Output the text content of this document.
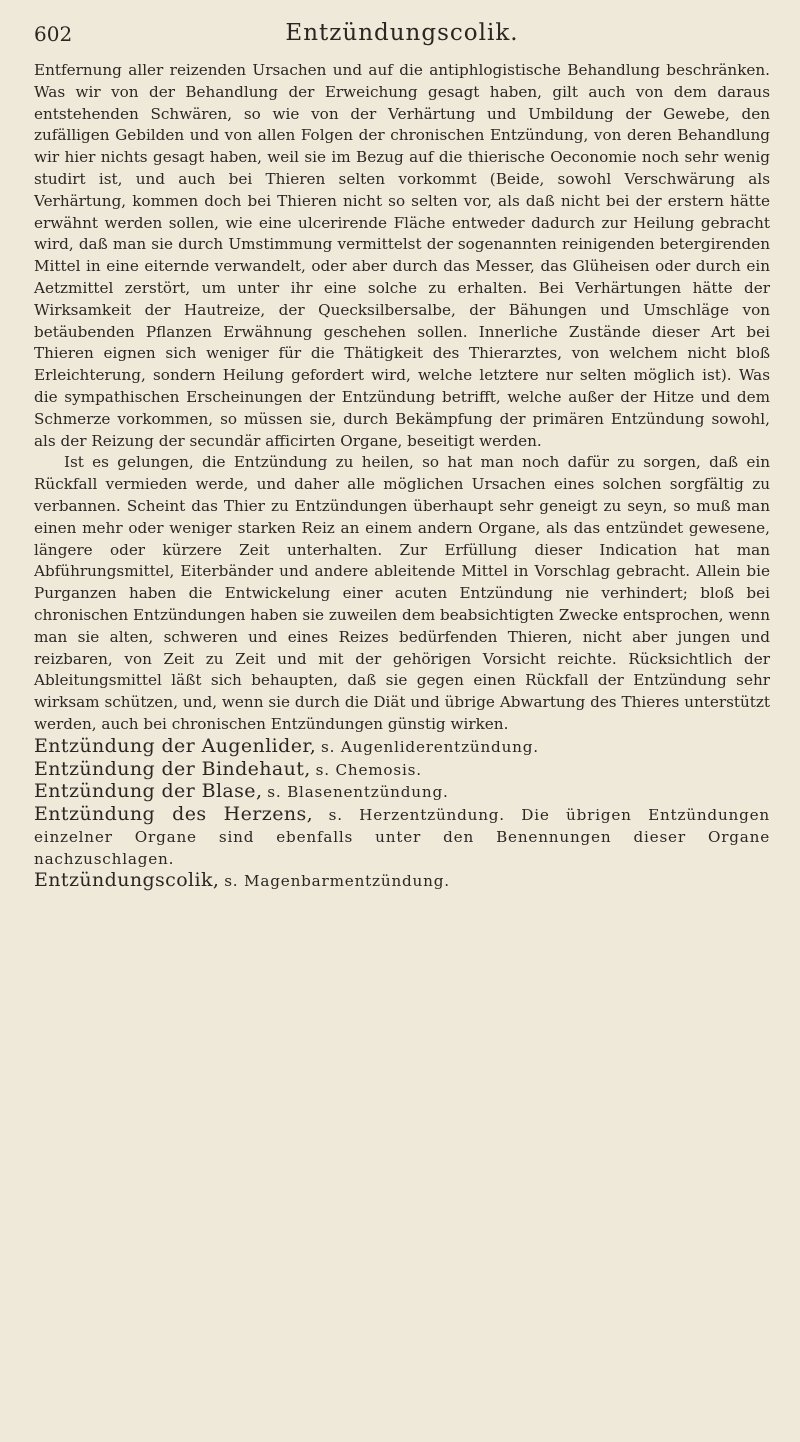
602	Entzündungscolik.

Entfernung aller reizenden Ursachen und auf die antiphlogistische Behandlung beschränken. Was wir von der Behandlung der Erweichung gesagt haben, gilt auch von dem daraus entstehenden Schwären, so wie von der Verhärtung und Umbildung der Gewebe, den zufälligen Gebilden und von allen Folgen der chronischen Entzündung, von deren Behandlung wir hier nichts gesagt haben, weil sie im Bezug auf die thierische Oeconomie noch sehr wenig studirt ist, und auch bei Thieren selten vorkommt (Beide, sowohl Verschwärung als Verhärtung, kommen doch bei Thieren nicht so selten vor, als daß nicht bei der erstern hätte erwähnt werden sollen, wie eine ulcerirende Fläche entweder dadurch zur Heilung gebracht wird, daß man sie durch Umstimmung vermittelst der sogenannten reinigenden betergirenden Mittel in eine eiternde verwandelt, oder aber durch das Messer, das Glüheisen oder durch ein Aetzmittel zerstört, um unter ihr eine solche zu erhalten. Bei Verhärtungen hätte der Wirksamkeit der Hautreize, der Quecksilbersalbe, der Bähungen und Umschläge von betäubenden Pflanzen Erwähnung geschehen sollen. Innerliche Zustände dieser Art bei Thieren eignen sich weniger für die Thätigkeit des Thierarztes, von welchem nicht bloß Erleichterung, sondern Heilung gefordert wird, welche letztere nur selten möglich ist). Was die sympathischen Erscheinungen der Entzündung betrifft, welche außer der Hitze und dem Schmerze vorkommen, so müssen sie, durch Bekämpfung der primären Entzündung sowohl, als der Reizung der secundär afficirten Organe, beseitigt werden.

Ist es gelungen, die Entzündung zu heilen, so hat man noch dafür zu sorgen, daß ein Rückfall vermieden werde, und daher alle möglichen Ursachen eines solchen sorgfältig zu verbannen. Scheint das Thier zu Entzündungen überhaupt sehr geneigt zu seyn, so muß man einen mehr oder weniger starken Reiz an einem andern Organe, als das entzündet gewesene, längere oder kürzere Zeit unterhalten. Zur Erfüllung dieser Indication hat man Abführungsmittel, Eiterbänder und andere ableitende Mittel in Vorschlag gebracht. Allein bie Purganzen haben die Entwickelung einer acuten Entzündung nie verhindert; bloß bei chronischen Entzündungen haben sie zuweilen dem beabsichtigten Zwecke entsprochen, wenn man sie alten, schweren und eines Reizes bedürfenden Thieren, nicht aber jungen und reizbaren, von Zeit zu Zeit und mit der gehörigen Vorsicht reichte. Rücksichtlich der Ableitungsmittel läßt sich behaupten, daß sie gegen einen Rückfall der Entzündung sehr wirksam schützen, und, wenn sie durch die Diät und übrige Abwartung des Thieres unterstützt werden, auch bei chronischen Entzündungen günstig wirken.

Entzündung der Augenlider, s. Augenliderentzündung.

Entzündung der Bindehaut, s. Chemosis.

Entzündung der Blase, s. Blasenentzündung.

Entzündung des Herzens, s. Herzentzündung. Die übrigen Entzündungen einzelner Organe sind ebenfalls unter den Benennungen dieser Organe nachzuschlagen.

Entzündungscolik, s. Magenbarmentzündung.
